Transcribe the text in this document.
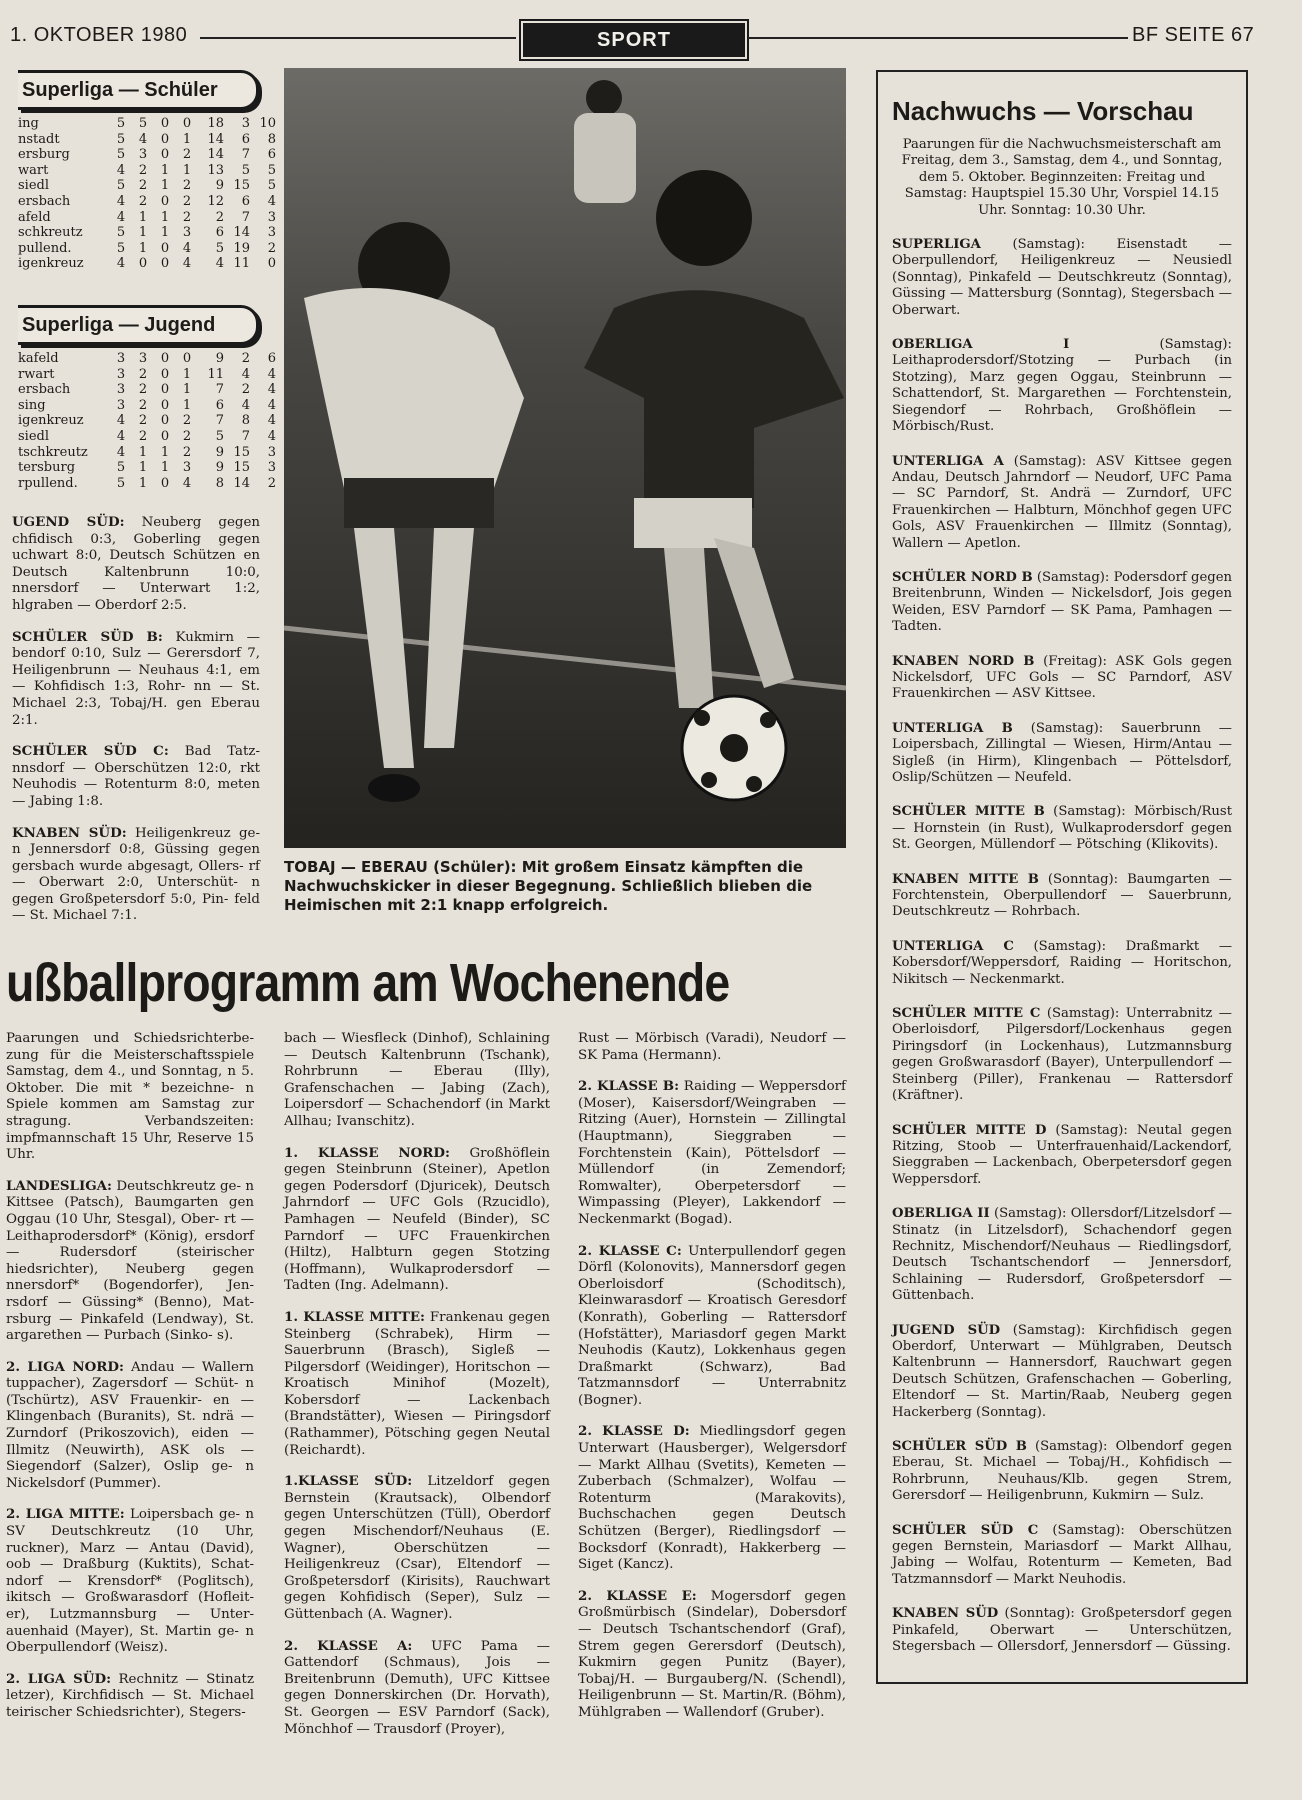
1. OKTOBER 1980	SPORT	BF SEITE 67
Superliga — Schüler
ing	5	5	0	0	18	3	10
nstadt	5	4	0	1	14	6	8
ersburg	5	3	0	2	14	7	6
wart	4	2	1	1	13	5	5
siedl	5	2	1	2	9	15	5
ersbach	4	2	0	2	12	6	4
afeld	4	1	1	2	2	7	3
schkreutz	5	1	1	3	6	14	3
pullend.	5	1	0	4	5	19	2
igenkreuz	4	0	0	4	4	11	0
Superliga — Jugend
kafeld	3	3	0	0	9	2	6
rwart	3	2	0	1	11	4	4
ersbach	3	2	0	1	7	2	4
sing	3	2	0	1	6	4	4
igenkreuz	4	2	0	2	7	8	4
siedl	4	2	0	2	5	7	4
tschkreutz	4	1	1	2	9	15	3
tersburg	5	1	1	3	9	15	3
rpullend.	5	1	0	4	8	14	2

UGEND SÜD: Neuberg gegen chfidisch 0:3, Goberling gegen uchwart 8:0, Deutsch Schützen en Deutsch Kaltenbrunn 10:0, nnersdorf — Unterwart 1:2, hlgraben — Oberdorf 2:5.

SCHÜLER SÜD B: Kukmirn — bendorf 0:10, Sulz — Gerersdorf 7, Heiligenbrunn — Neuhaus 4:1, em — Kohfidisch 1:3, Rohr- nn — St. Michael 2:3, Tobaj/H. gen Eberau 2:1.

SCHÜLER SÜD C: Bad Tatz- nnsdorf — Oberschützen 12:0, rkt Neuhodis — Rotenturm 8:0, meten — Jabing 1:8.

KNABEN SÜD: Heiligenkreuz ge- n Jennersdorf 0:8, Güssing gegen gersbach wurde abgesagt, Ollers- rf — Oberwart 2:0, Unterschüt- n gegen Großpetersdorf 5:0, Pin- feld — St. Michael 7:1.

TOBAJ — EBERAU (Schüler): Mit großem Einsatz kämpften die Nachwuchskicker in dieser Begegnung. Schließlich blieben die Heimischen mit 2:1 knapp erfolgreich.
ußballprogramm am Wochenende

Paarungen und Schiedsrichterbe- zung für die Meisterschaftsspiele Samstag, dem 4., und Sonntag, n 5. Oktober. Die mit * bezeichne- n Spiele kommen am Samstag zur stragung. Verbandszeiten: impfmannschaft 15 Uhr, Reserve 15 Uhr.

LANDESLIGA: Deutschkreutz ge- n Kittsee (Patsch), Baumgarten gen Oggau (10 Uhr, Stesgal), Ober- rt — Leithaprodersdorf* (König), ersdorf — Rudersdorf (steirischer hiedsrichter), Neuberg gegen nnersdorf* (Bogendorfer), Jen- rsdorf — Güssing* (Benno), Mat- rsburg — Pinkafeld (Lendway), St. argarethen — Purbach (Sinko- s).

2. LIGA NORD: Andau — Wallern tuppacher), Zagersdorf — Schüt- n (Tschürtz), ASV Frauenkir- en — Klingenbach (Buranits), St. ndrä — Zurndorf (Prikoszovich), eiden — Illmitz (Neuwirth), ASK ols — Siegendorf (Salzer), Oslip ge- n Nickelsdorf (Pummer).

2. LIGA MITTE: Loipersbach ge- n SV Deutschkreutz (10 Uhr, ruckner), Marz — Antau (David), oob — Draßburg (Kuktits), Schat- ndorf — Krensdorf* (Poglitsch), ikitsch — Großwarasdorf (Hofleit- er), Lutzmannsburg — Unter- auenhaid (Mayer), St. Martin ge- n Oberpullendorf (Weisz).

2. LIGA SÜD: Rechnitz — Stinatz letzer), Kirchfidisch — St. Michael teirischer Schiedsrichter), Stegers-

bach — Wiesfleck (Dinhof), Schlaining — Deutsch Kaltenbrunn (Tschank), Rohrbrunn — Eberau (Illy), Grafenschachen — Jabing (Zach), Loipersdorf — Schachendorf (in Markt Allhau; Ivanschitz).

1. KLASSE NORD: Großhöflein gegen Steinbrunn (Steiner), Apetlon gegen Podersdorf (Djuricek), Deutsch Jahrndorf — UFC Gols (Rzucidlo), Pamhagen — Neufeld (Binder), SC Parndorf — UFC Frauenkirchen (Hiltz), Halbturn gegen Stotzing (Hoffmann), Wulkaprodersdorf — Tadten (Ing. Adelmann).

1. KLASSE MITTE: Frankenau gegen Steinberg (Schrabek), Hirm — Sauerbrunn (Brasch), Sigleß — Pilgersdorf (Weidinger), Horitschon — Kroatisch Minihof (Mozelt), Kobersdorf — Lackenbach (Brandstätter), Wiesen — Piringsdorf (Rathammer), Pötsching gegen Neutal (Reichardt).

1.KLASSE SÜD: Litzeldorf gegen Bernstein (Krautsack), Olbendorf gegen Unterschützen (Tüll), Oberdorf gegen Mischendorf/Neuhaus (E. Wagner), Oberschützen — Heiligenkreuz (Csar), Eltendorf — Großpetersdorf (Kirisits), Rauchwart gegen Kohfidisch (Seper), Sulz — Güttenbach (A. Wagner).

2. KLASSE A: UFC Pama — Gattendorf (Schmaus), Jois — Breitenbrunn (Demuth), UFC Kittsee gegen Donnerskirchen (Dr. Horvath), St. Georgen — ESV Parndorf (Sack), Mönchhof — Trausdorf (Proyer),

Rust — Mörbisch (Varadi), Neudorf — SK Pama (Hermann).

2. KLASSE B: Raiding — Weppersdorf (Moser), Kaisersdorf/Weingraben — Ritzing (Auer), Hornstein — Zillingtal (Hauptmann), Sieggraben — Forchtenstein (Kain), Pöttelsdorf — Müllendorf (in Zemendorf; Romwalter), Oberpetersdorf — Wimpassing (Pleyer), Lakkendorf — Neckenmarkt (Bogad).

2. KLASSE C: Unterpullendorf gegen Dörfl (Kolonovits), Mannersdorf gegen Oberloisdorf (Schoditsch), Kleinwarasdorf — Kroatisch Geresdorf (Konrath), Goberling — Rattersdorf (Hofstätter), Mariasdorf gegen Markt Neuhodis (Kautz), Lokkenhaus gegen Draßmarkt (Schwarz), Bad Tatzmannsdorf — Unterrabnitz (Bogner).

2. KLASSE D: Miedlingsdorf gegen Unterwart (Hausberger), Welgersdorf — Markt Allhau (Svetits), Kemeten — Zuberbach (Schmalzer), Wolfau — Rotenturm (Marakovits), Buchschachen gegen Deutsch Schützen (Berger), Riedlingsdorf — Bocksdorf (Konradt), Hakkerberg — Siget (Kancz).

2. KLASSE E: Mogersdorf gegen Großmürbisch (Sindelar), Dobersdorf — Deutsch Tschantschendorf (Graf), Strem gegen Gerersdorf (Deutsch), Kukmirn gegen Punitz (Bayer), Tobaj/H. — Burgauberg/N. (Schendl), Heiligenbrunn — St. Martin/R. (Böhm), Mühlgraben — Wallendorf (Gruber).

Nachwuchs — Vorschau

Paarungen für die Nachwuchsmeisterschaft am Freitag, dem 3., Samstag, dem 4., und Sonntag, dem 5. Oktober. Beginnzeiten: Freitag und Samstag: Hauptspiel 15.30 Uhr, Vorspiel 14.15 Uhr. Sonntag: 10.30 Uhr.

SUPERLIGA (Samstag): Eisenstadt — Oberpullendorf, Heiligenkreuz — Neusiedl (Sonntag), Pinkafeld — Deutschkreutz (Sonntag), Güssing — Mattersburg (Sonntag), Stegersbach — Oberwart.

OBERLIGA I	(Samstag): Leithaprodersdorf/Stotzing — Purbach (in Stotzing), Marz gegen Oggau, Steinbrunn — Schattendorf, St. Margarethen — Forchtenstein, Siegendorf — Rohrbach, Großhöflein — Mörbisch/Rust.

UNTERLIGA A (Samstag): ASV Kittsee gegen Andau, Deutsch Jahrndorf — Neudorf, UFC Pama — SC Parndorf, St. Andrä — Zurndorf, UFC Frauenkirchen — Halbturn, Mönchhof gegen UFC Gols, ASV Frauenkirchen — Illmitz (Sonntag), Wallern — Apetlon.

SCHÜLER NORD B (Samstag): Podersdorf gegen Breitenbrunn, Winden — Nickelsdorf, Jois gegen Weiden, ESV Parndorf — SK Pama, Pamhagen — Tadten.

KNABEN NORD B (Freitag): ASK Gols gegen Nickelsdorf, UFC Gols — SC Parndorf, ASV Frauenkirchen — ASV Kittsee.

UNTERLIGA B (Samstag): Sauerbrunn — Loipersbach, Zillingtal — Wiesen, Hirm/Antau — Sigleß (in Hirm), Klingenbach — Pöttelsdorf, Oslip/Schützen — Neufeld.

SCHÜLER MITTE B (Samstag): Mörbisch/Rust — Hornstein (in Rust), Wulkaprodersdorf gegen St. Georgen, Müllendorf — Pötsching (Klikovits).

KNABEN MITTE B (Sonntag): Baumgarten — Forchtenstein, Oberpullendorf — Sauerbrunn, Deutschkreutz — Rohrbach.

UNTERLIGA C (Samstag): Draßmarkt — Kobersdorf/Weppersdorf, Raiding — Horitschon, Nikitsch — Neckenmarkt.

SCHÜLER MITTE C (Samstag): Unterrabnitz — Oberloisdorf, Pilgersdorf/Lockenhaus gegen Piringsdorf (in Lockenhaus), Lutzmannsburg gegen Großwarasdorf (Bayer), Unterpullendorf — Steinberg (Piller), Frankenau — Rattersdorf (Kräftner).

SCHÜLER MITTE D (Samstag): Neutal gegen Ritzing, Stoob — Unterfrauenhaid/Lackendorf, Sieggraben — Lackenbach, Oberpetersdorf gegen Weppersdorf.

OBERLIGA II (Samstag): Ollersdorf/Litzelsdorf — Stinatz (in Litzelsdorf), Schachendorf gegen Rechnitz, Mischendorf/Neuhaus — Riedlingsdorf, Deutsch Tschantschendorf — Jennersdorf, Schlaining — Rudersdorf, Großpetersdorf — Güttenbach.

JUGEND SÜD (Samstag): Kirchfidisch gegen Oberdorf, Unterwart — Mühlgraben, Deutsch Kaltenbrunn — Hannersdorf, Rauchwart gegen Deutsch Schützen, Grafenschachen — Goberling, Eltendorf — St. Martin/Raab, Neuberg gegen Hackerberg (Sonntag).

SCHÜLER SÜD B (Samstag): Olbendorf gegen Eberau, St. Michael — Tobaj/H., Kohfidisch — Rohrbrunn, Neuhaus/Klb. gegen Strem, Gerersdorf — Heiligenbrunn, Kukmirn — Sulz.

SCHÜLER SÜD C (Samstag): Oberschützen gegen Bernstein, Mariasdorf — Markt Allhau, Jabing — Wolfau, Rotenturm — Kemeten, Bad Tatzmannsdorf — Markt Neuhodis.

KNABEN SÜD (Sonntag): Großpetersdorf gegen Pinkafeld, Oberwart — Unterschützen, Stegersbach — Ollersdorf, Jennersdorf — Güssing.
